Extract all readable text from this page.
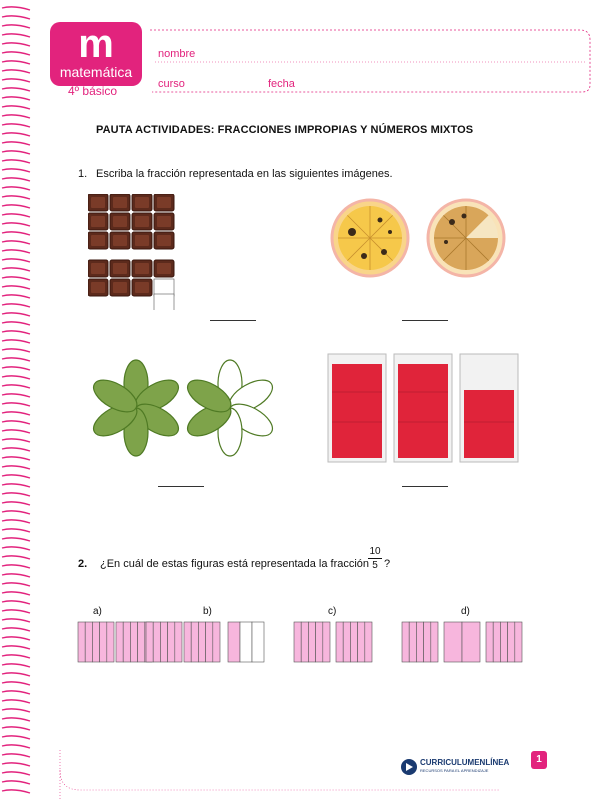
m
matemática
4º básico
nombre
curso	fecha
PAUTA ACTIVIDADES: FRACCIONES IMPROPIAS Y NÚMEROS MIXTOS
1. Escriba la fracción representada en las siguientes imágenes.
2. ¿En cuál de estas figuras está representada la fracción
10
5 ?
a)	b)	c)	d)
CURRICULUMENLÍNEA
RECURSOS PARA EL APRENDIZAJE
1
